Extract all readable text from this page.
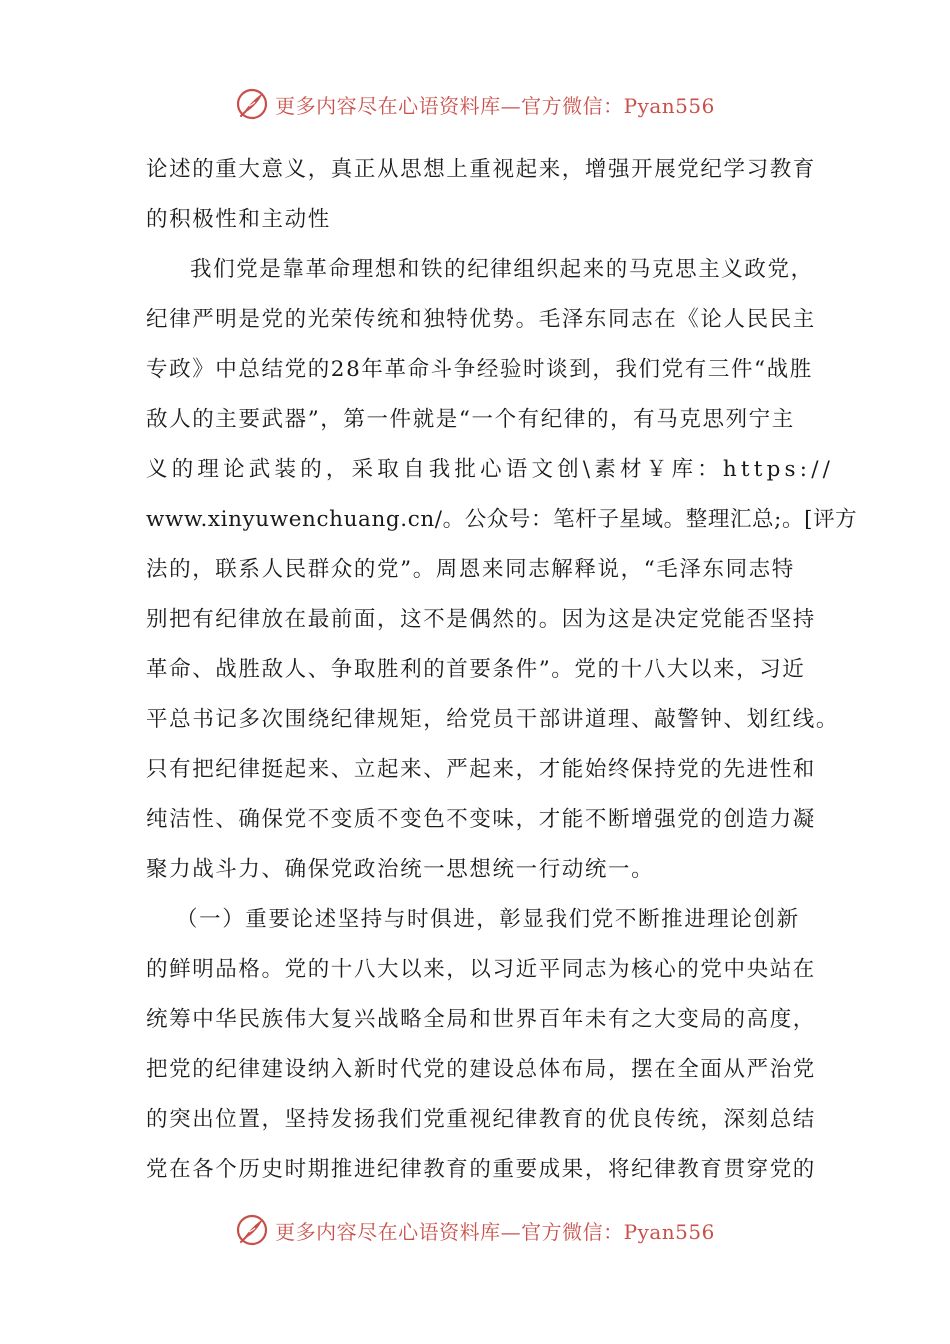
更多内容尽在心语资料库—官方微信：Pyan556
论述的重大意义，真正从思想上重视起来，增强开展党纪学习教育
的积极性和主动性
我们党是靠革命理想和铁的纪律组织起来的马克思主义政党，
纪律严明是党的光荣传统和独特优势。毛泽东同志在《论人民民主
专政》中总结党的28年革命斗争经验时谈到，我们党有三件“战胜
敌人的主要武器”，第一件就是“一个有纪律的，有马克思列宁主
义的理论武装的，采取自我批心语文创\素材￥库：https://
www.xinyuwenchuang.cn/。公众号：笔杆子星域。整理汇总;。[评方
法的，联系人民群众的党”。周恩来同志解释说，“毛泽东同志特
别把有纪律放在最前面，这不是偶然的。因为这是决定党能否坚持
革命、战胜敌人、争取胜利的首要条件”。党的十八大以来，习近
平总书记多次围绕纪律规矩，给党员干部讲道理、敲警钟、划红线。
只有把纪律挺起来、立起来、严起来，才能始终保持党的先进性和
纯洁性、确保党不变质不变色不变味，才能不断增强党的创造力凝
聚力战斗力、确保党政治统一思想统一行动统一。
（一）重要论述坚持与时俱进，彰显我们党不断推进理论创新
的鲜明品格。党的十八大以来，以习近平同志为核心的党中央站在
统筹中华民族伟大复兴战略全局和世界百年未有之大变局的高度，
把党的纪律建设纳入新时代党的建设总体布局，摆在全面从严治党
的突出位置，坚持发扬我们党重视纪律教育的优良传统，深刻总结
党在各个历史时期推进纪律教育的重要成果，将纪律教育贯穿党的
更多内容尽在心语资料库—官方微信：Pyan556
